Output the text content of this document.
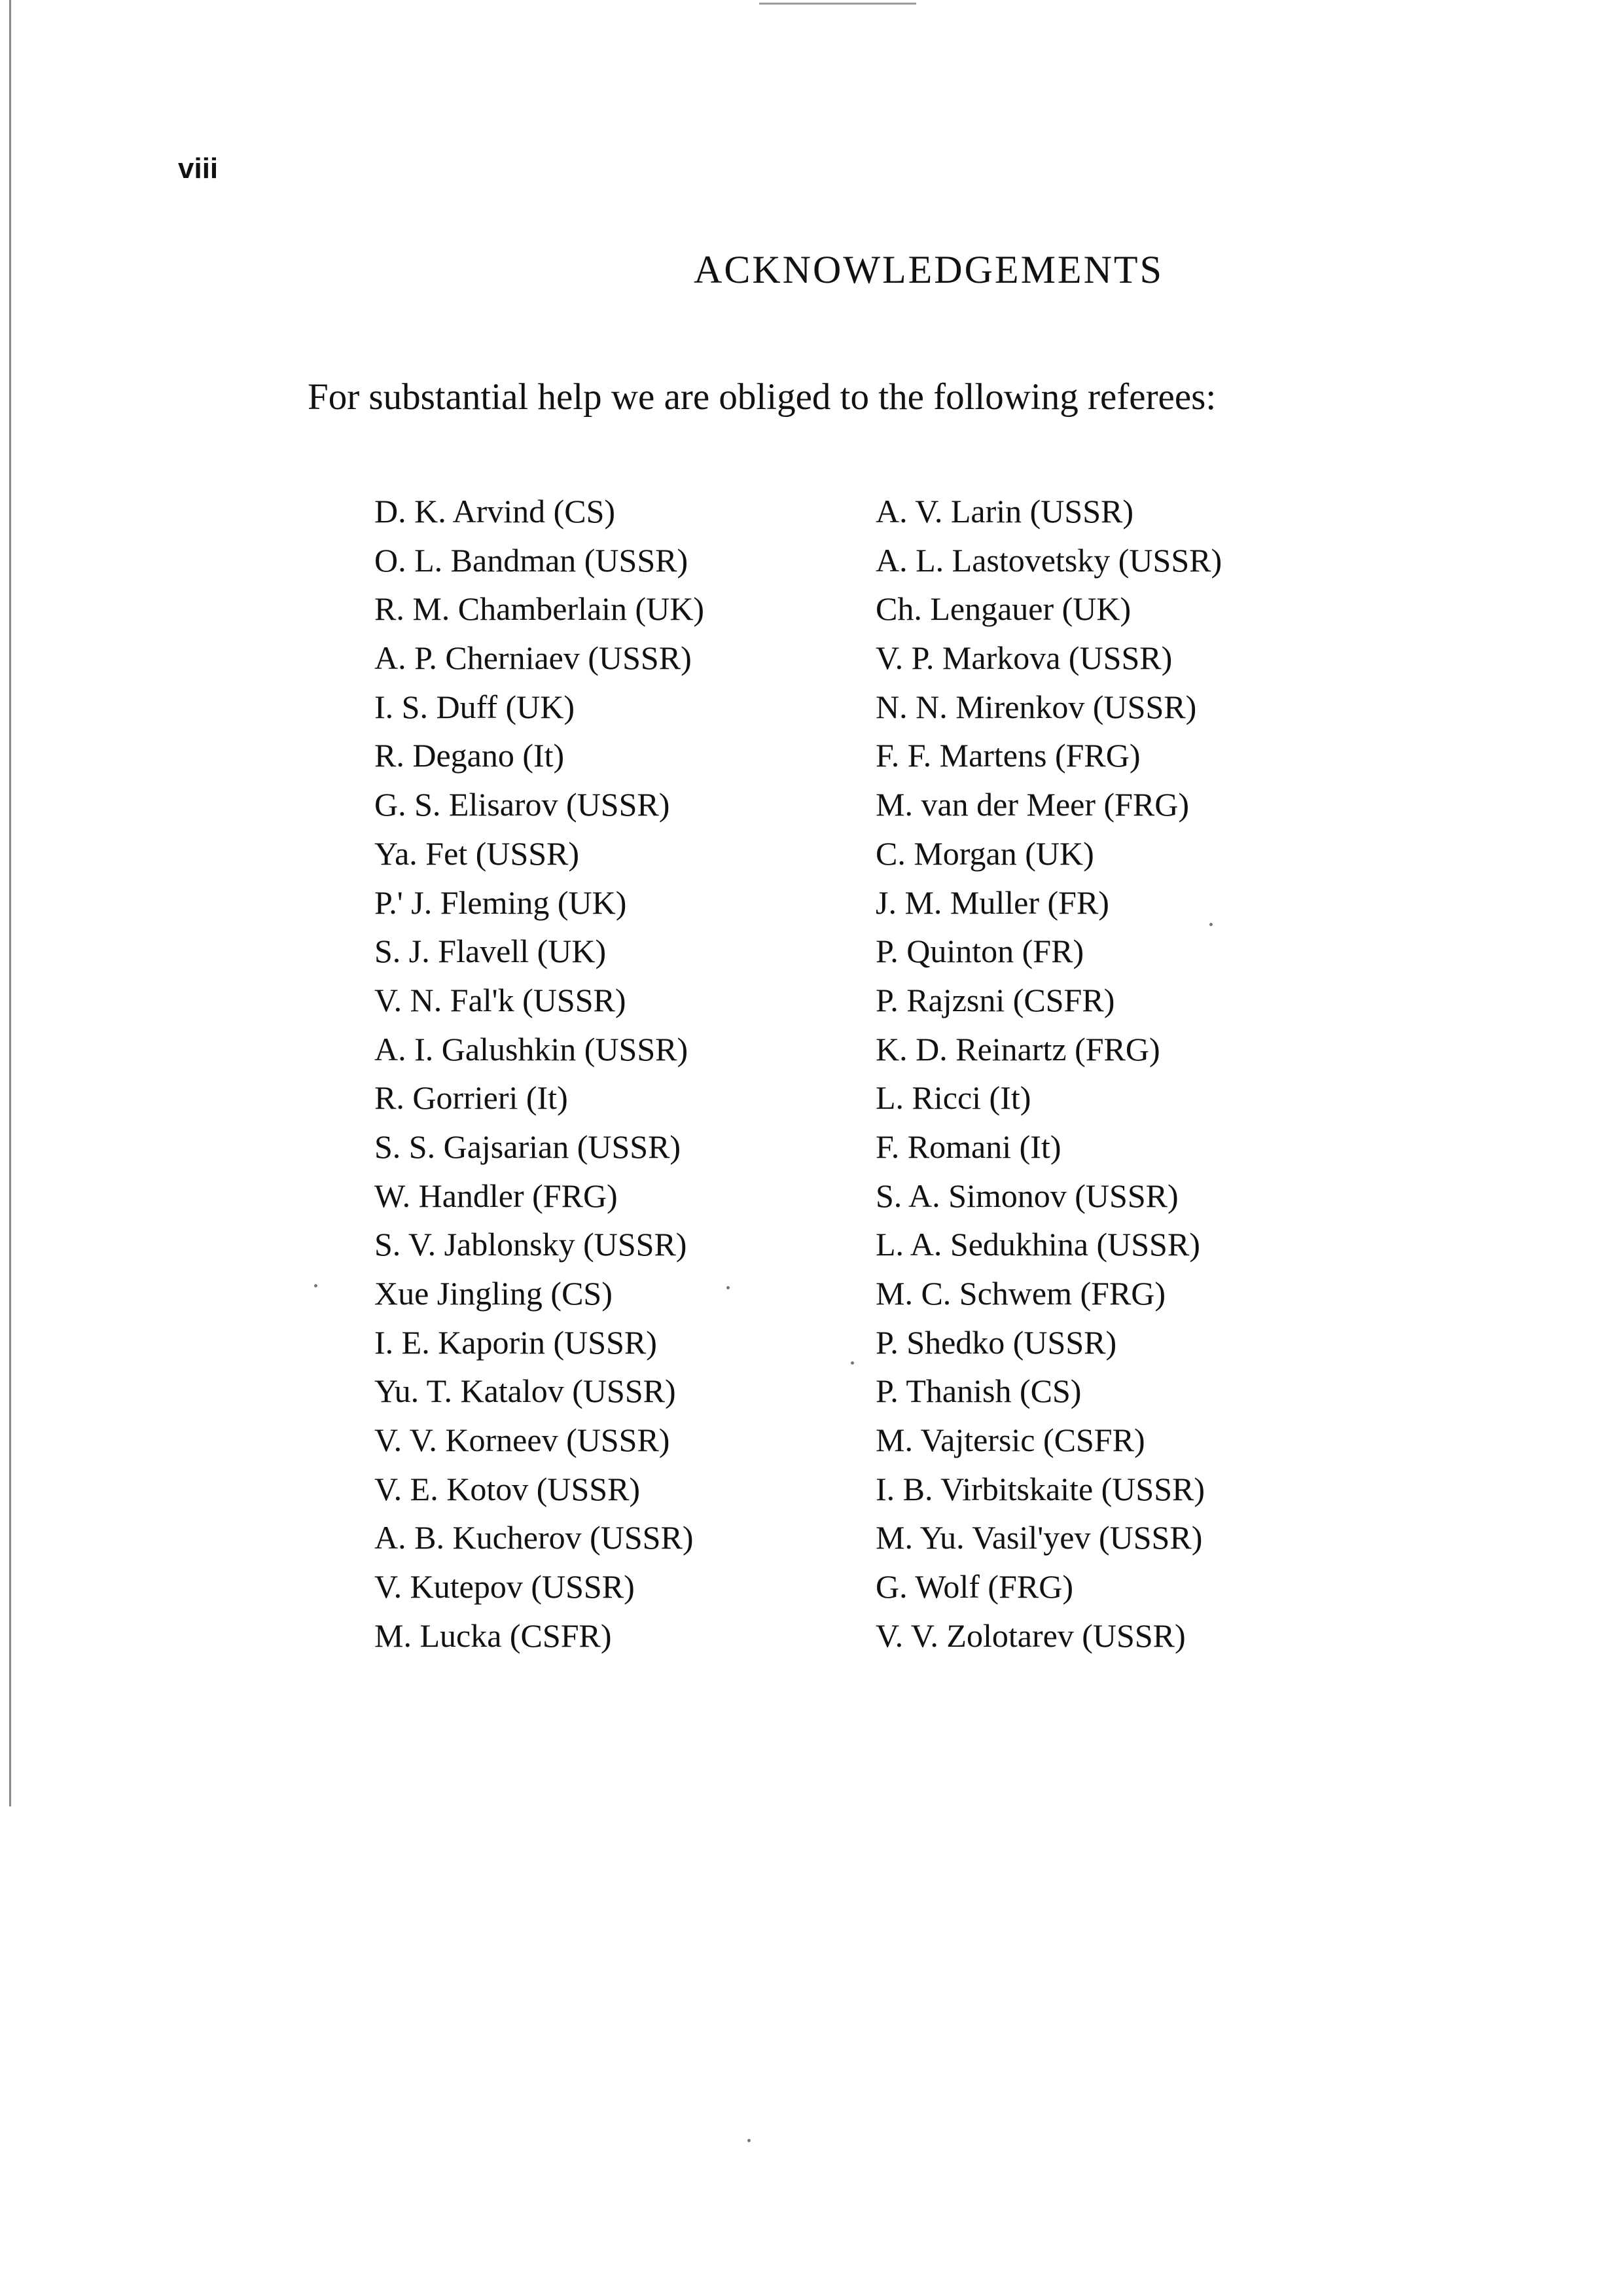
viii
ACKNOWLEDGEMENTS
For substantial help we are obliged to the following referees:
D. K. Arvind (CS)
O. L. Bandman (USSR)
R. M. Chamberlain (UK)
A. P. Cherniaev (USSR)
I. S. Duff (UK)
R. Degano (It)
G. S. Elisarov (USSR)
Ya. Fet (USSR)
P.' J. Fleming (UK)
S. J. Flavell (UK)
V. N. Fal'k (USSR)
A. I. Galushkin (USSR)
R. Gorrieri (It)
S. S. Gajsarian (USSR)
W. Handler (FRG)
S. V. Jablonsky (USSR)
Xue Jingling (CS)
I. E. Kaporin (USSR)
Yu. T. Katalov (USSR)
V. V. Korneev (USSR)
V. E. Kotov (USSR)
A. B. Kucherov (USSR)
V. Kutepov (USSR)
M. Lucka (CSFR)
A. V. Larin (USSR)
A. L. Lastovetsky (USSR)
Ch. Lengauer (UK)
V. P. Markova (USSR)
N. N. Mirenkov (USSR)
F. F. Martens (FRG)
M. van der Meer (FRG)
C. Morgan (UK)
J. M. Muller (FR)
P. Quinton (FR)
P. Rajzsni (CSFR)
K. D. Reinartz (FRG)
L. Ricci (It)
F. Romani (It)
S. A. Simonov (USSR)
L. A. Sedukhina (USSR)
M. C. Schwem (FRG)
P. Shedko (USSR)
P. Thanish (CS)
M. Vajtersic (CSFR)
I. B. Virbitskaite (USSR)
M. Yu. Vasil'yev (USSR)
G. Wolf (FRG)
V. V. Zolotarev (USSR)
